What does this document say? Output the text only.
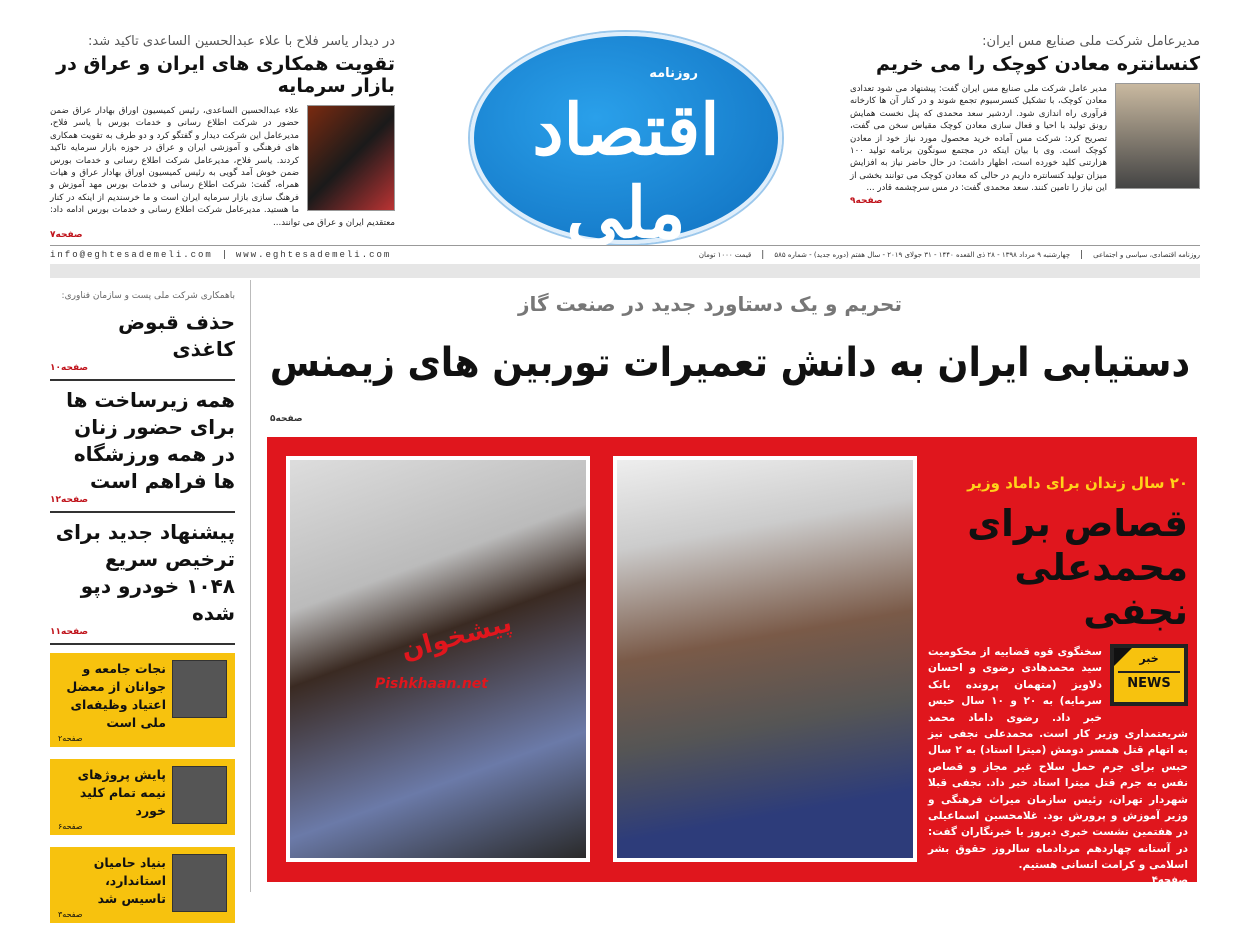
مدیرعامل شرکت ملی صنایع مس ایران:
کنسانتره معادن کوچک را می خریم
مدیر عامل شرکت ملی صنایع مس ایران گفت: پیشنهاد می شود تعدادی معادن کوچک، با تشکیل کنسرسیوم تجمع شوند و در کنار آن ها کارخانه فرآوری راه اندازی شود. اردشیر سعد محمدی که پنل نخست همایش رونق تولید با احیا و فعال سازی معادن کوچک مقیاس سخن می گفت، تصریح کرد: شرکت مس آماده خرید محصول مورد نیاز خود از معادن کوچک است. وی با بیان اینکه در مجتمع سونگون برنامه تولید ۱۰۰ هزارتنی کلید خورده است، اظهار داشت: در حال حاضر نیاز به افزایش میزان تولید کنسانتره داریم در حالی که معادن کوچک می توانند بخشی از این نیاز را تامین کنند. سعد محمدی گفت: در مس سرچشمه قادر ...
صفحه۹
در دیدار یاسر فلاح با علاء عبدالحسین الساعدی تاکید شد:
تقویت همکاری های ایران و عراق در بازار سرمایه
علاء عبدالحسین الساعدی، رئیس کمیسیون اوراق بهادار عراق ضمن حضور در شرکت اطلاع رسانی و خدمات بورس با یاسر فلاح، مدیرعامل این شرکت دیدار و گفتگو کرد و دو طرف به تقویت همکاری های فرهنگی و آموزشی ایران و عراق در حوزه بازار سرمایه تاکید کردند. یاسر فلاح، مدیرعامل شرکت اطلاع رسانی و خدمات بورس ضمن خوش آمد گویی به رئیس کمیسیون اوراق بهادار عراق و هیات همراه، گفت: شرکت اطلاع رسانی و خدمات بورس مهد آموزش و فرهنگ سازی بازار سرمایه ایران است و ما خرسندیم از اینکه در کنار ما هستید. مدیرعامل شرکت اطلاع رسانی و خدمات بورس ادامه داد: معتقدیم ایران و عراق می توانند...
صفحه۷
روزنامه
اقتصاد ملی
info@eghtesademeli.com | www.eghtesademeli.com	قیمت ۱۰۰۰ تومان | چهارشنبه ۹ مرداد ۱۳۹۸ - ۲۸ ذی القعده ۱۴۴۰ - ۳۱ جولای ۲۰۱۹ - سال هفتم (دوره جدید) - شماره ۵۸۵ | روزنامه اقتصادی، سیاسی و اجتماعی
باهمکاری شرکت ملی پست و سازمان فناوری:
حذف قبوض کاغذی
صفحه۱۰
همه زیرساخت ها برای حضور زنان در همه ورزشگاه ها فراهم است
صفحه۱۲
پیشنهاد جدید برای ترخیص سریع ۱۰۴۸ خودرو دپو شده
صفحه۱۱
نجات جامعه و جوانان از معضل اعتیاد وظیفه‌ای ملی است
صفحه۲
پایش پروژهای نیمه تمام کلید خورد
صفحه۶
بنیاد حامیان استاندارد، تاسیس شد
صفحه۳
تحریم و یک دستاورد جدید در صنعت گاز
دستیابی ایران به دانش تعمیرات توربین های زیمنس
صفحه۵
پیشخوان
Pishkhaan.net
۲۰ سال زندان برای داماد وزیر
قصاص برای محمدعلی نجفی
خبر
NEWS
سخنگوی قوه قضاییه از محکومیت سید محمدهادی رضوی و احسان دلاویز (متهمان پرونده بانک سرمایه) به ۲۰ و ۱۰ سال حبس خبر داد. رضوی داماد محمد شریعتمداری وزیر کار است. محمدعلی نجفی نیز به اتهام قتل همسر دومش (میترا استاد) به ۲ سال حبس برای جرم حمل سلاح غیر مجاز و قصاص نفس به جرم قتل میترا استاد خبر داد. نجفی قبلا شهردار تهران، رئیس سازمان میراث فرهنگی و وزیر آموزش و پرورش بود. غلامحسین اسماعیلی در هفتمین نشست خبری دیروز با خبرنگاران گفت: در آستانه چهاردهم مردادماه سالروز حقوق بشر اسلامی و کرامت انسانی هستیم.
صفحه۴
